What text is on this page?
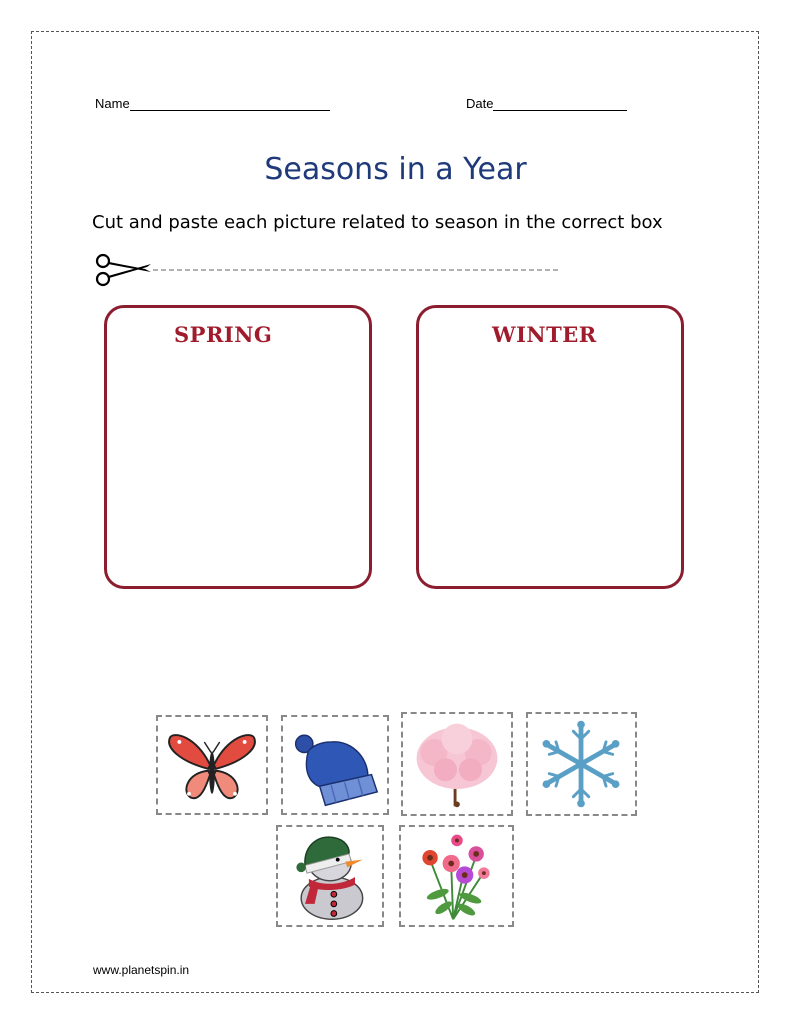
Name	Date
Seasons in a Year
Cut and paste each picture related to season in the correct box
SPRING	WINTER
www.planetspin.in
